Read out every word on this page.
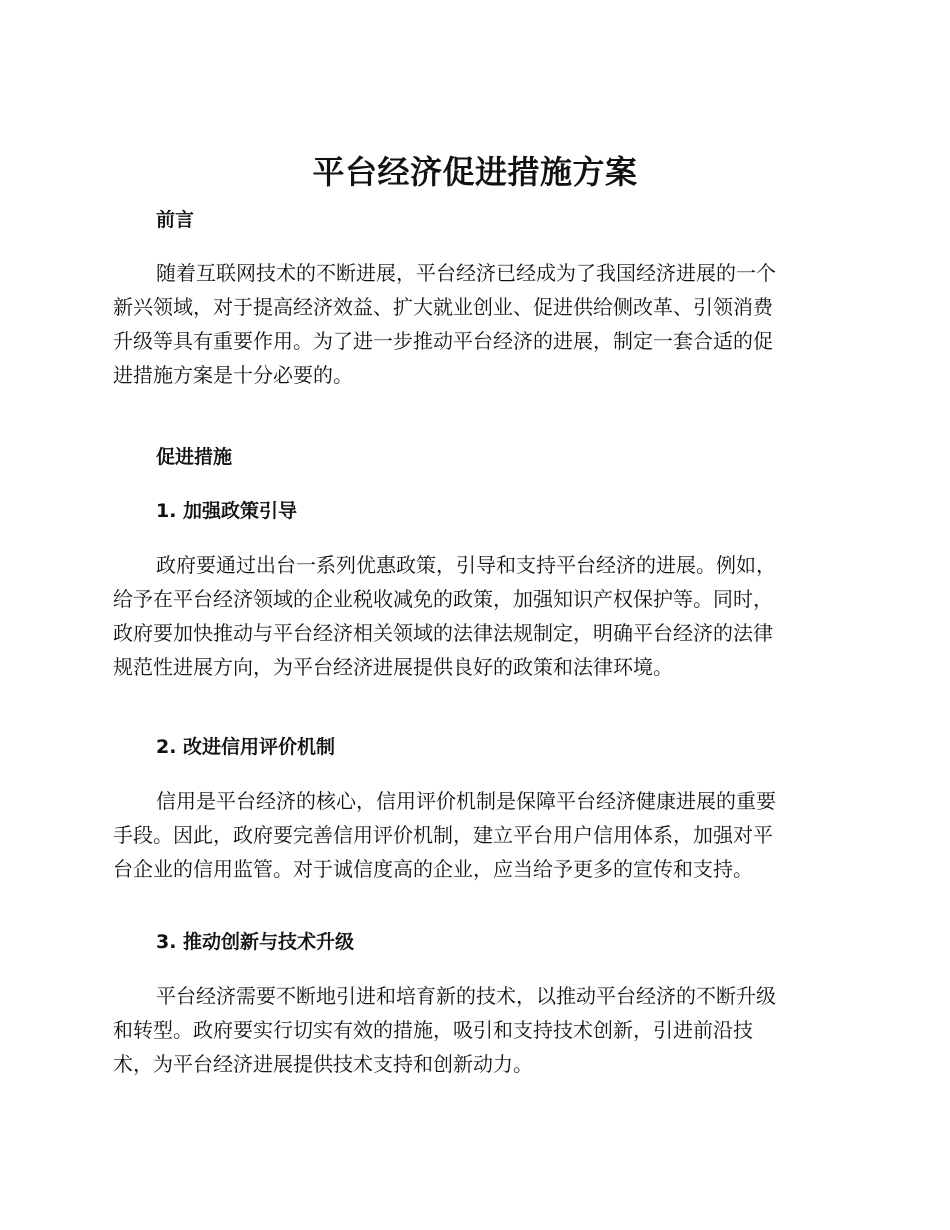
平台经济促进措施方案
前言
随着互联网技术的不断进展，平台经济已经成为了我国经济进展的一个
新兴领域，对于提高经济效益、扩大就业创业、促进供给侧改革、引领消费
升级等具有重要作用。为了进一步推动平台经济的进展，制定一套合适的促
进措施方案是十分必要的。
促进措施
1. 加强政策引导
政府要通过出台一系列优惠政策，引导和支持平台经济的进展。例如，
给予在平台经济领域的企业税收减免的政策，加强知识产权保护等。同时，
政府要加快推动与平台经济相关领域的法律法规制定，明确平台经济的法律
规范性进展方向，为平台经济进展提供良好的政策和法律环境。
2. 改进信用评价机制
信用是平台经济的核心，信用评价机制是保障平台经济健康进展的重要
手段。因此，政府要完善信用评价机制，建立平台用户信用体系，加强对平
台企业的信用监管。对于诚信度高的企业，应当给予更多的宣传和支持。
3. 推动创新与技术升级
平台经济需要不断地引进和培育新的技术，以推动平台经济的不断升级
和转型。政府要实行切实有效的措施，吸引和支持技术创新，引进前沿技
术，为平台经济进展提供技术支持和创新动力。
